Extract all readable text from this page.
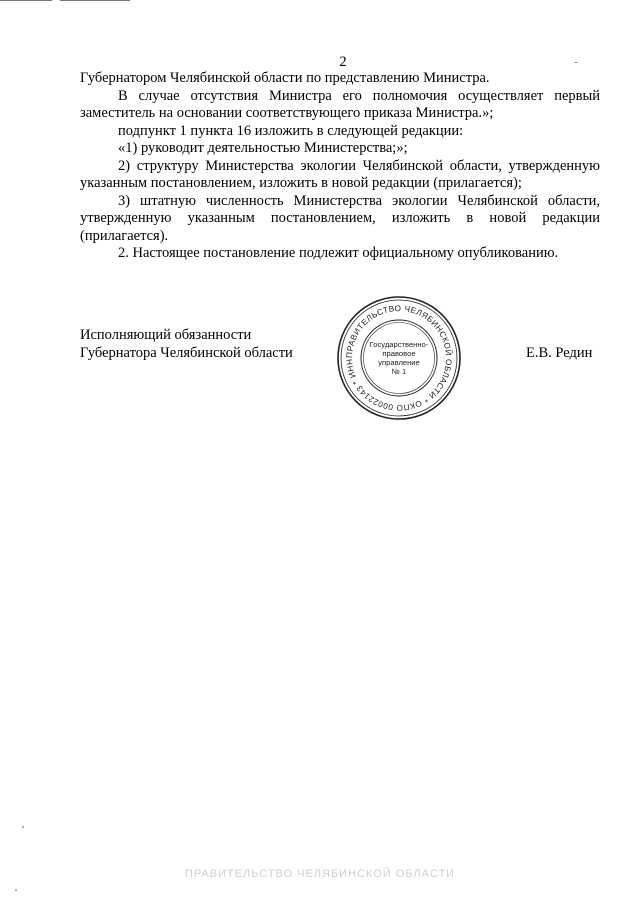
2

Губернатором Челябинской области по представлению Министра.

В случае отсутствия Министра его полномочия осуществляет первый заместитель на основании соответствующего приказа Министра.»;

подпункт 1 пункта 16 изложить в следующей редакции:

«1) руководит деятельностью Министерства;»;

2) структуру Министерства экологии Челябинской области, утвержденную указанным постановлением, изложить в новой редакции (прилагается);

3) штатную численность Министерства экологии Челябинской области, утвержденную указанным постановлением, изложить в новой редакции (прилагается).

2. Настоящее постановление подлежит официальному опубликованию.

Исполняющий обязанности
Губернатора Челябинской области	Е.В. Редин
ПРАВИТЕЛЬСТВО ЧЕЛЯБИНСКОЙ ОБЛАСТИ * ОКПО 00022143 * ИНН
Государственно-
правовое
управление
№ 1
ПРАВИТЕЛЬСТВО ЧЕЛЯБИНСКОЙ ОБЛАСТИ
